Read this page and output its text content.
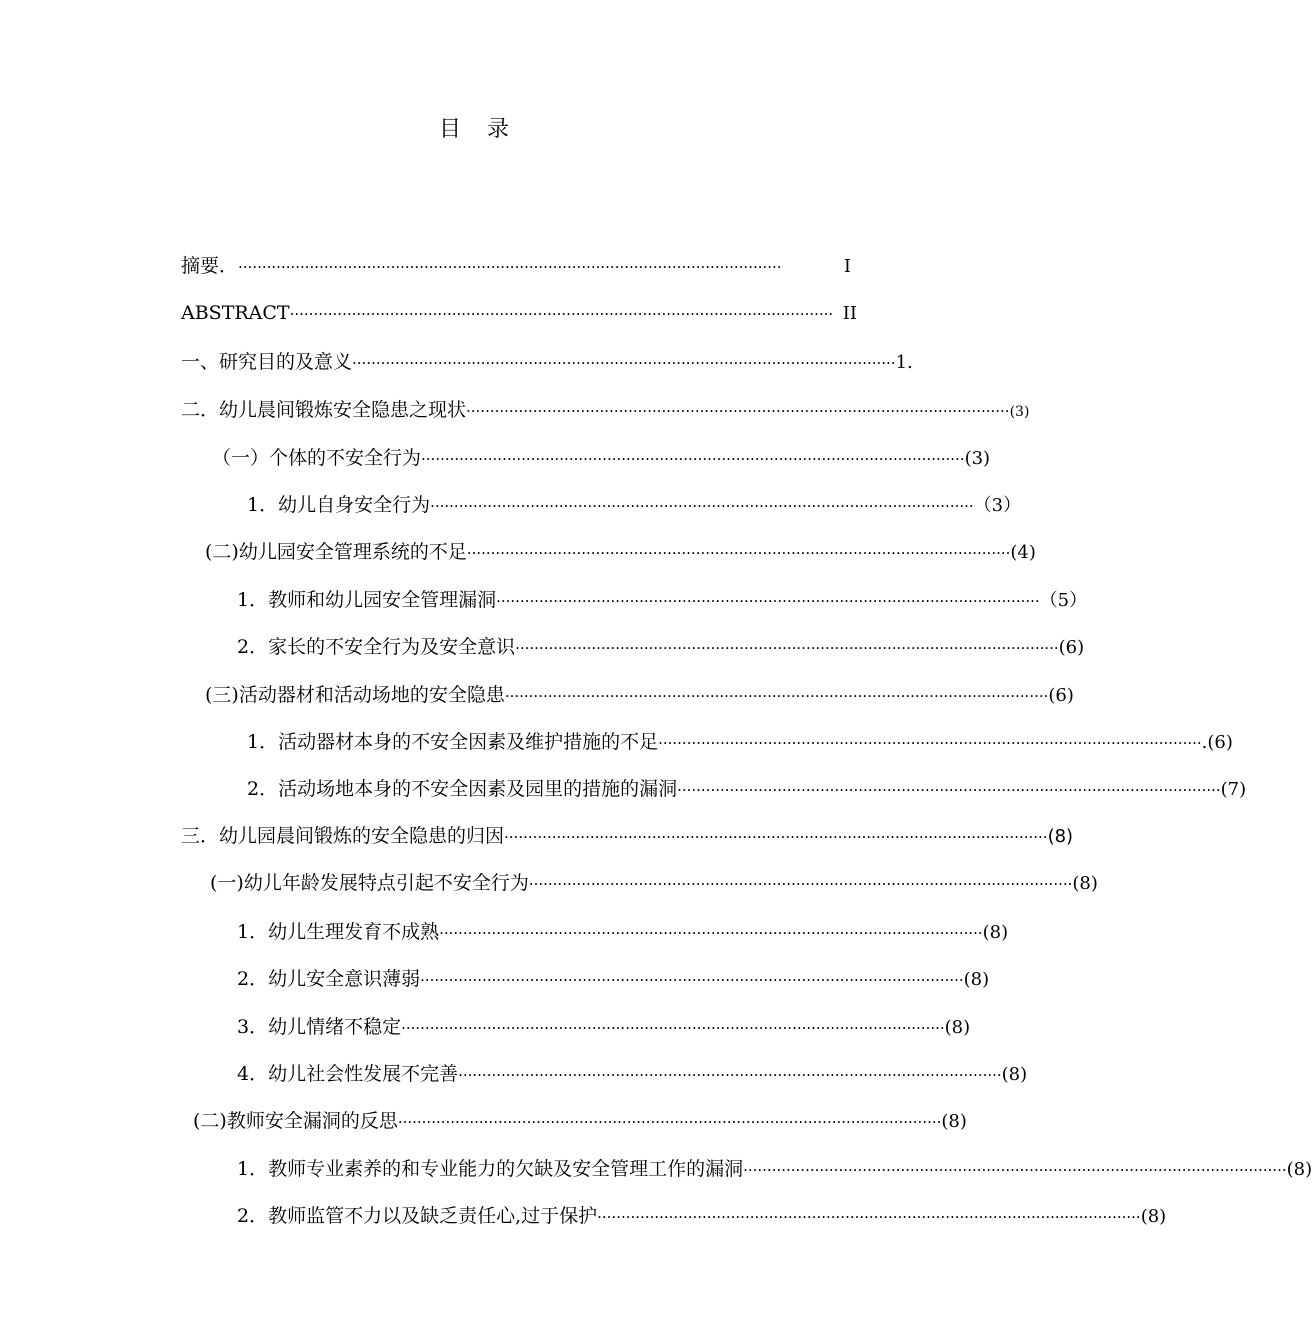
目　录
摘要． ··················································································································	Ⅰ
ABSTRACT ·················································································································· ⅠⅠ
一、研究目的及意义 ·················································································································· 1.
二．幼儿晨间锻炼安全隐患之现状 ·················································································································· (3)
（一）个体的不安全行为 ·················································································································· (3)
1．幼儿自身安全行为 ·················································································································· （3）
(二)幼儿园安全管理系统的不足 ·················································································································· (4)
1．教师和幼儿园安全管理漏洞 ·················································································································· （5）
2．家长的不安全行为及安全意识 ·················································································································· (6)
(三)活动器材和活动场地的安全隐患 ·················································································································· (6)
1．活动器材本身的不安全因素及维护措施的不足 ·················································································································· .(6)
2．活动场地本身的不安全因素及园里的措施的漏洞 ·················································································································· (7)
三．幼儿园晨间锻炼的安全隐患的归因 ·················································································································· (8)
(一)幼儿年龄发展特点引起不安全行为 ·················································································································· (8)
1．幼儿生理发育不成熟 ·················································································································· (8)
2．幼儿安全意识薄弱 ·················································································································· (8)
3．幼儿情绪不稳定 ·················································································································· (8)
4．幼儿社会性发展不完善 ·················································································································· (8)
(二)教师安全漏洞的反思 ·················································································································· (8)
1．教师专业素养的和专业能力的欠缺及安全管理工作的漏洞 ·················································································································· (8)
2．教师监管不力以及缺乏责任心,过于保护 ·················································································································· (8)
